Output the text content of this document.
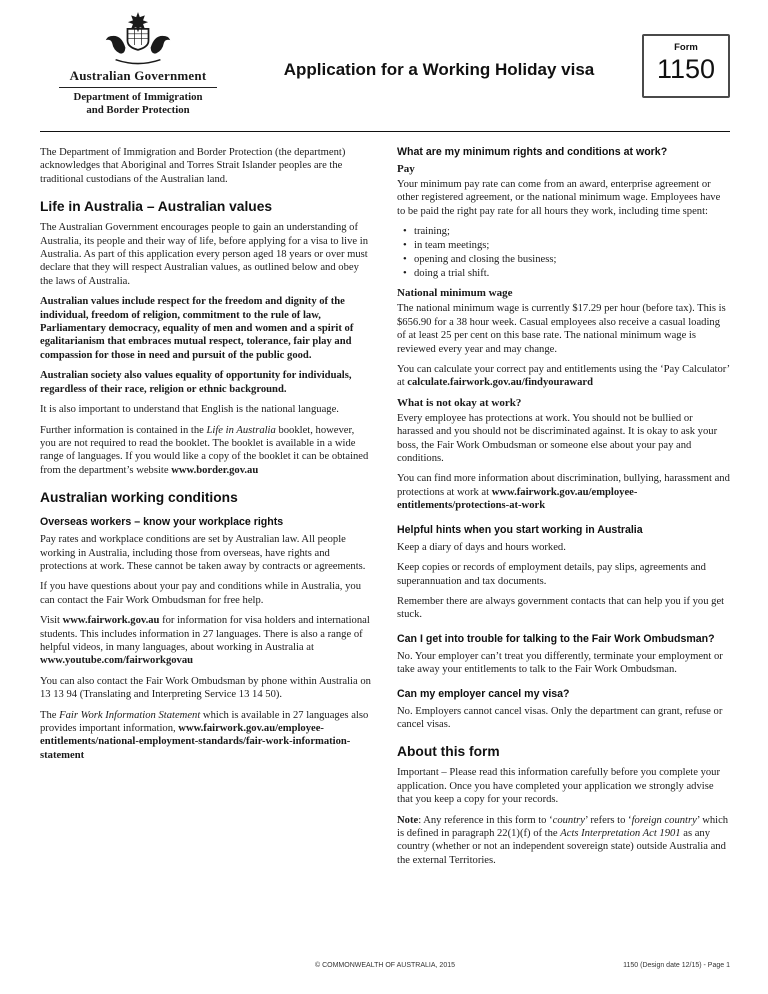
Australian Government
Department of Immigration
and Border Protection
Application for a Working Holiday visa
Form
1150

The Department of Immigration and Border Protection (the department) acknowledges that Aboriginal and Torres Strait Islander peoples are the traditional custodians of the Australian land.

Life in Australia – Australian values

The Australian Government encourages people to gain an understanding of Australia, its people and their way of life, before applying for a visa to live in Australia. As part of this application every person aged 18 years or over must declare that they will respect Australian values, as outlined below and obey the laws of Australia.

Australian values include respect for the freedom and dignity of the individual, freedom of religion, commitment to the rule of law, Parliamentary democracy, equality of men and women and a spirit of egalitarianism that embraces mutual respect, tolerance, fair play and compassion for those in need and pursuit of the public good.

Australian society also values equality of opportunity for individuals, regardless of their race, religion or ethnic background.

It is also important to understand that English is the national language.

Further information is contained in the Life in Australia booklet, however, you are not required to read the booklet. The booklet is available in a wide range of languages. If you would like a copy of the booklet it can be obtained from the department’s website www.border.gov.au

Australian working conditions
Overseas workers – know your workplace rights

Pay rates and workplace conditions are set by Australian law. All people working in Australia, including those from overseas, have rights and protections at work. These cannot be taken away by contracts or agreements.

If you have questions about your pay and conditions while in Australia, you can contact the Fair Work Ombudsman for free help.

Visit www.fairwork.gov.au for information for visa holders and international students. This includes information in 27 languages. There is also a range of helpful videos, in many languages, about working in Australia at www.youtube.com/fairworkgovau

You can also contact the Fair Work Ombudsman by phone within Australia on 13 13 94 (Translating and Interpreting Service 13 14 50).

The Fair Work Information Statement which is available in 27 languages also provides important information, www.fairwork.gov.au/employee-entitlements/national-employment-standards/fair-work-information-statement

What are my minimum rights and conditions at work?
Pay

Your minimum pay rate can come from an award, enterprise agreement or other registered agreement, or the national minimum wage. Employees have to be paid the right pay rate for all hours they work, including time spent:

• training;
• in team meetings;
• opening and closing the business;
• doing a trial shift.
National minimum wage

The national minimum wage is currently $17.29 per hour (before tax). This is $656.90 for a 38 hour week. Casual employees also receive a casual loading of at least 25 per cent on this base rate. The national minimum wage is reviewed every year and may change.

You can calculate your correct pay and entitlements using the ‘Pay Calculator’ at calculate.fairwork.gov.au/findyouraward

What is not okay at work?

Every employee has protections at work. You should not be bullied or harassed and you should not be discriminated against. It is okay to ask your boss, the Fair Work Ombudsman or someone else about your pay and conditions.

You can find more information about discrimination, bullying, harassment and protections at work at www.fairwork.gov.au/employee-entitlements/protections-at-work

Helpful hints when you start working in Australia

Keep a diary of days and hours worked.

Keep copies or records of employment details, pay slips, agreements and superannuation and tax documents.

Remember there are always government contacts that can help you if you get stuck.

Can I get into trouble for talking to the Fair Work Ombudsman?

No. Your employer can’t treat you differently, terminate your employment or take away your entitlements to talk to the Fair Work Ombudsman.

Can my employer cancel my visa?

No. Employers cannot cancel visas. Only the department can grant, refuse or cancel visas.

About this form

Important – Please read this information carefully before you complete your application. Once you have completed your application we strongly advise that you keep a copy for your records.

Note: Any reference in this form to ‘country’ refers to ‘foreign country’ which is defined in paragraph 22(1)(f) of the Acts Interpretation Act 1901 as any country (whether or not an independent sovereign state) outside Australia and the external Territories.

© COMMONWEALTH OF AUSTRALIA, 2015	1150 (Design date 12/15) - Page 1
